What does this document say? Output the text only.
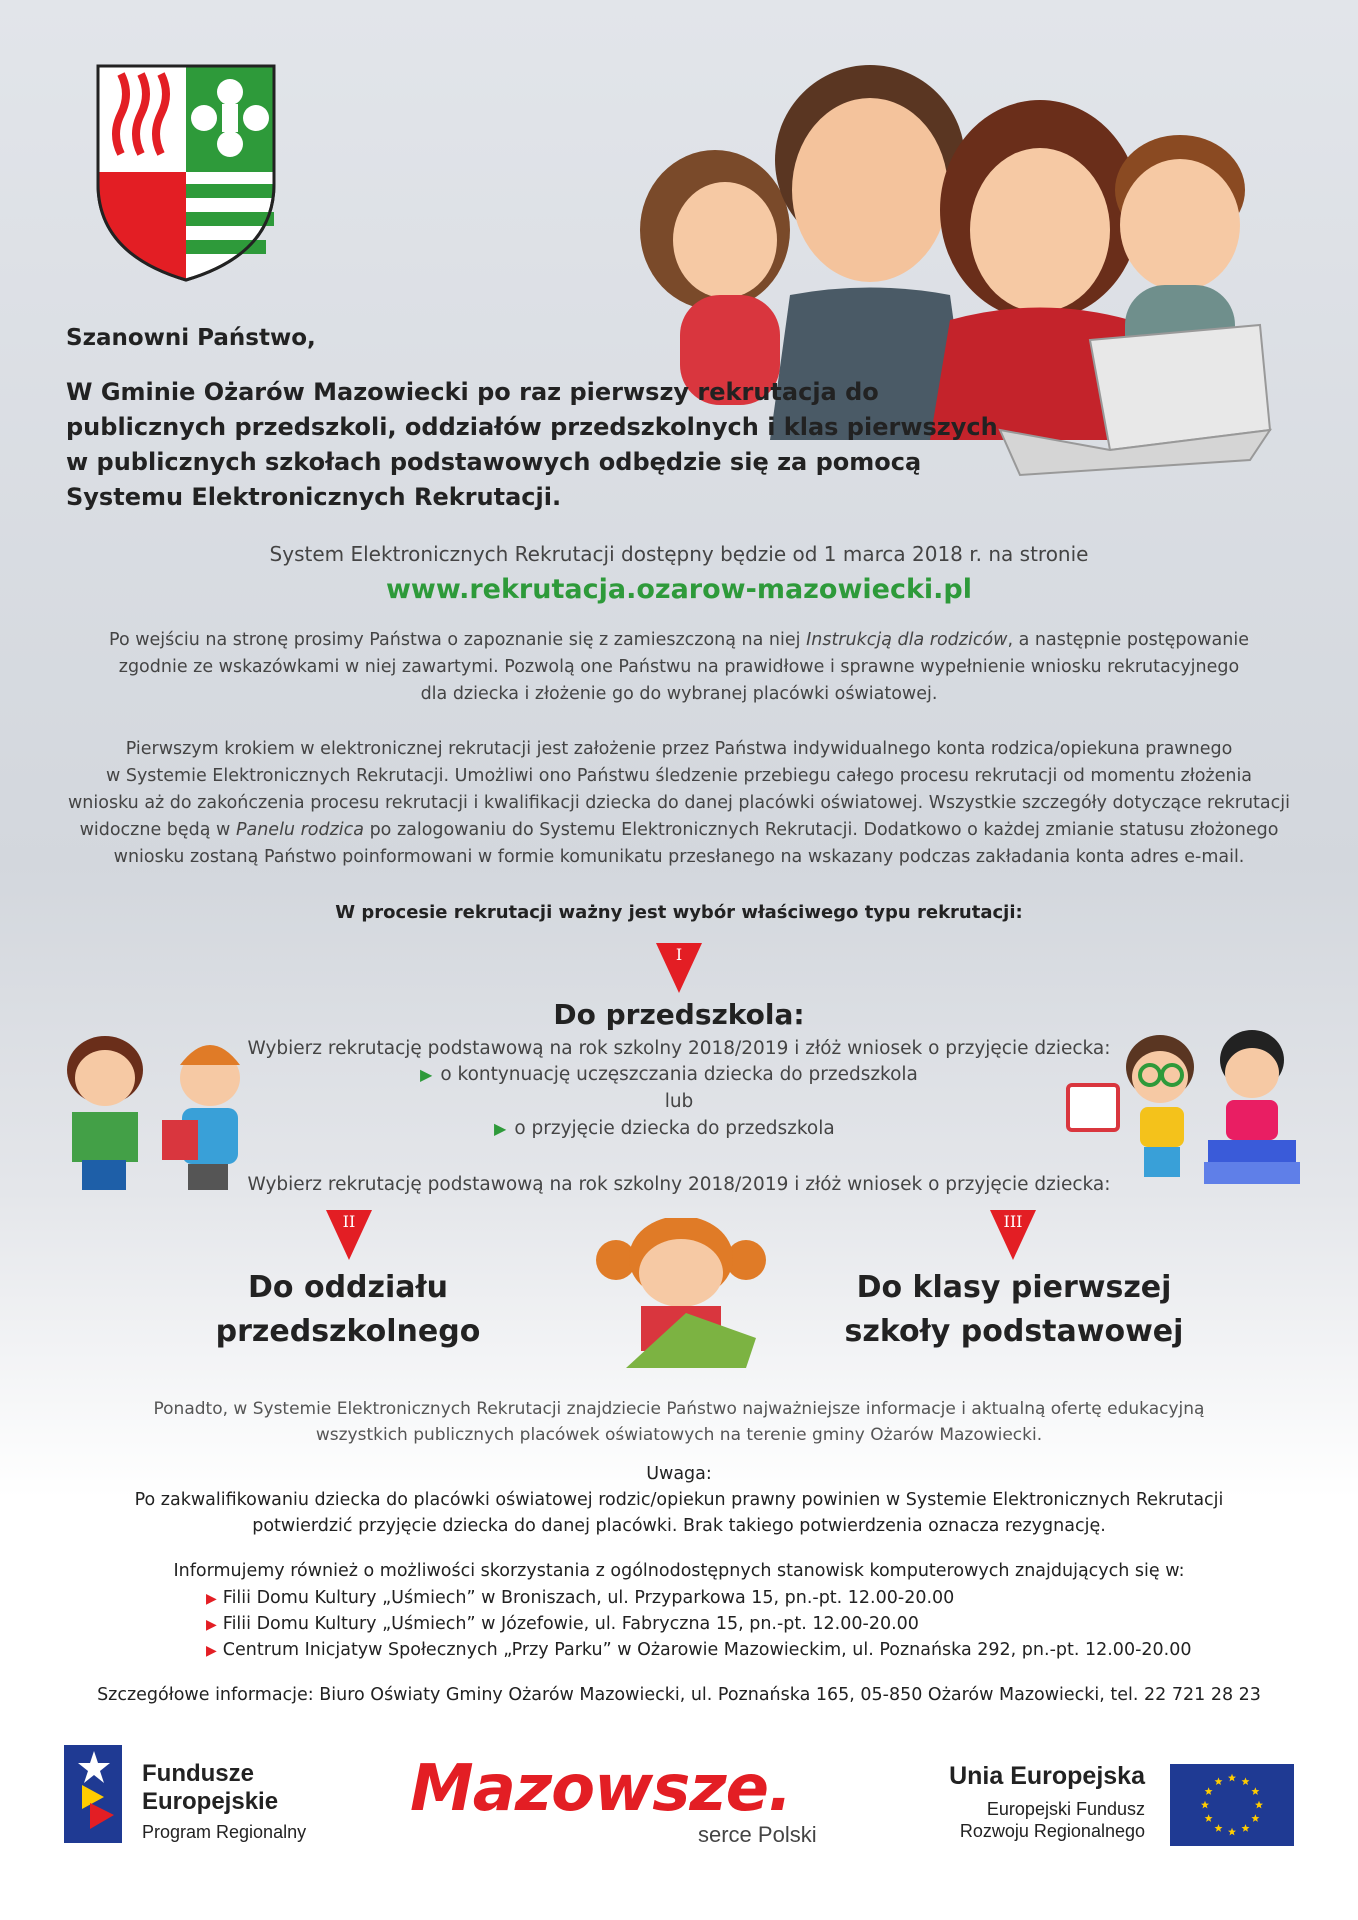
Szanowni Państwo,

W Gminie Ożarów Mazowiecki po raz pierwszy rekrutacja do publicznych przedszkoli, oddziałów przedszkolnych i klas pierwszych w publicznych szkołach podstawowych odbędzie się za pomocą Systemu Elektronicznych Rekrutacji.

System Elektronicznych Rekrutacji dostępny będzie od 1 marca 2018 r. na stronie
www.rekrutacja.ozarow-mazowiecki.pl

Po wejściu na stronę prosimy Państwa o zapoznanie się z zamieszczoną na niej Instrukcją dla rodziców, a następnie postępowanie

zgodnie ze wskazówkami w niej zawartymi. Pozwolą one Państwu na prawidłowe i sprawne wypełnienie wniosku rekrutacyjnego

dla dziecka i złożenie go do wybranej placówki oświatowej.

Pierwszym krokiem w elektronicznej rekrutacji jest założenie przez Państwa indywidualnego konta rodzica/opiekuna prawnego

w Systemie Elektronicznych Rekrutacji. Umożliwi ono Państwu śledzenie przebiegu całego procesu rekrutacji od momentu złożenia

wniosku aż do zakończenia procesu rekrutacji i kwalifikacji dziecka do danej placówki oświatowej. Wszystkie szczegóły dotyczące rekrutacji

widoczne będą w Panelu rodzica po zalogowaniu do Systemu Elektronicznych Rekrutacji. Dodatkowo o każdej zmianie statusu złożonego

wniosku zostaną Państwo poinformowani w formie komunikatu przesłanego na wskazany podczas zakładania konta adres e-mail.

W procesie rekrutacji ważny jest wybór właściwego typu rekrutacji:
I
Do przedszkola:
Wybierz rekrutację podstawową na rok szkolny 2018/2019 i złóż wniosek o przyjęcie dziecka:
▶ o kontynuację uczęszczania dziecka do przedszkola
lub
▶ o przyjęcie dziecka do przedszkola
Wybierz rekrutację podstawową na rok szkolny 2018/2019 i złóż wniosek o przyjęcie dziecka:
II	III
Do oddziału
przedszkolnego
Do klasy pierwszej
szkoły podstawowej

Ponadto, w Systemie Elektronicznych Rekrutacji znajdziecie Państwo najważniejsze informacje i aktualną ofertę edukacyjną

wszystkich publicznych placówek oświatowych na terenie gminy Ożarów Mazowiecki.

Uwaga:

Po zakwalifikowaniu dziecka do placówki oświatowej rodzic/opiekun prawny powinien w Systemie Elektronicznych Rekrutacji

potwierdzić przyjęcie dziecka do danej placówki. Brak takiego potwierdzenia oznacza rezygnację.

Informujemy również o możliwości skorzystania z ogólnodostępnych stanowisk komputerowych znajdujących się w:
▶ Filii Domu Kultury „Uśmiech” w Broniszach, ul. Przyparkowa 15, pn.-pt. 12.00-20.00
▶ Filii Domu Kultury „Uśmiech” w Józefowie, ul. Fabryczna 15, pn.-pt. 12.00-20.00
▶ Centrum Inicjatyw Społecznych „Przy Parku” w Ożarowie Mazowieckim, ul. Poznańska 292, pn.-pt. 12.00-20.00
Szczegółowe informacje: Biuro Oświaty Gminy Ożarów Mazowiecki, ul. Poznańska 165, 05-850 Ożarów Mazowiecki, tel. 22 721 28 23
Fundusze
Europejskie
Program Regionalny
Mazowsze.
serce Polski
Unia Europejska
Europejski Fundusz
Rozwoju Regionalnego
